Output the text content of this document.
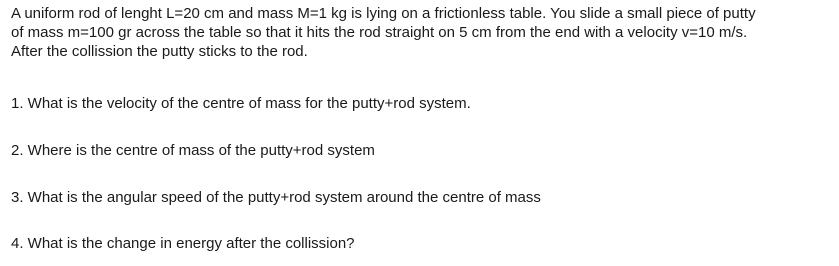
A uniform rod of lenght L=20 cm and mass M=1 kg is lying on a frictionless table. You slide a small piece of putty
of mass m=100 gr across the table so that it hits the rod straight on 5 cm from the end with a velocity v=10 m/s.
After the collission the putty sticks to the rod.

1. What is the velocity of the centre of mass for the putty+rod system.

2. Where is the centre of mass of the putty+rod system

3. What is the angular speed of the putty+rod system around the centre of mass

4. What is the change in energy after the collission?
